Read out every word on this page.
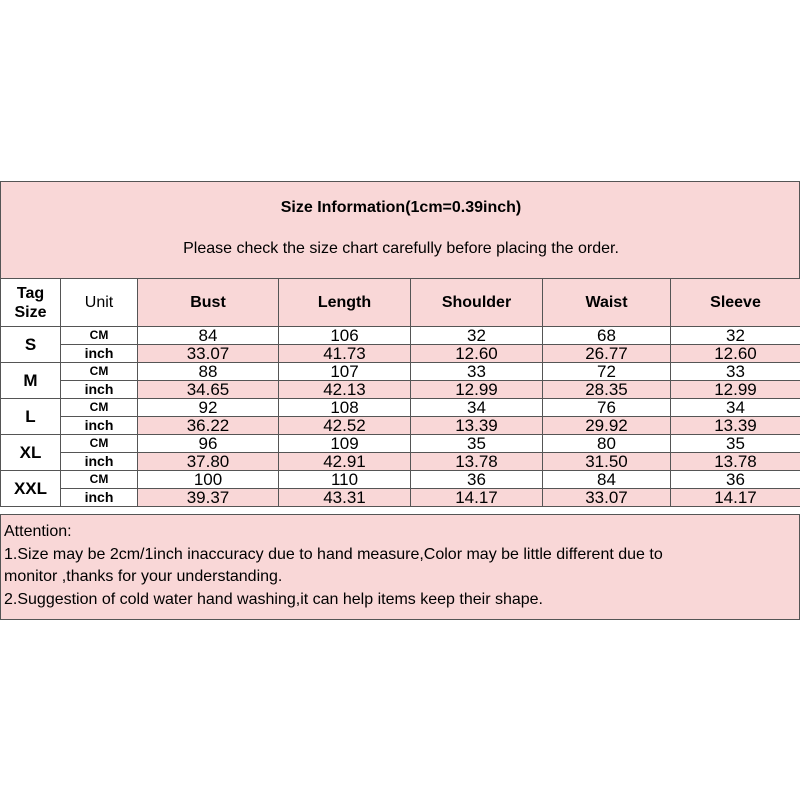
Size Information(1cm=0.39inch)
Please check the size chart carefully before placing the order.
Tag Size	Unit	Bust	Length	Shoulder	Waist	Sleeve
S	CM	84	106	32	68	32
	inch	33.07	41.73	12.60	26.77	12.60
M	CM	88	107	33	72	33
	inch	34.65	42.13	12.99	28.35	12.99
L	CM	92	108	34	76	34
	inch	36.22	42.52	13.39	29.92	13.39
XL	CM	96	109	35	80	35
	inch	37.80	42.91	13.78	31.50	13.78
XXL	CM	100	110	36	84	36
	inch	39.37	43.31	14.17	33.07	14.17
Attention:
1.Size may be 2cm/1inch inaccuracy due to hand measure,Color may be little different due to
monitor ,thanks for your understanding.
2.Suggestion of cold water hand washing,it can help items keep their shape.
